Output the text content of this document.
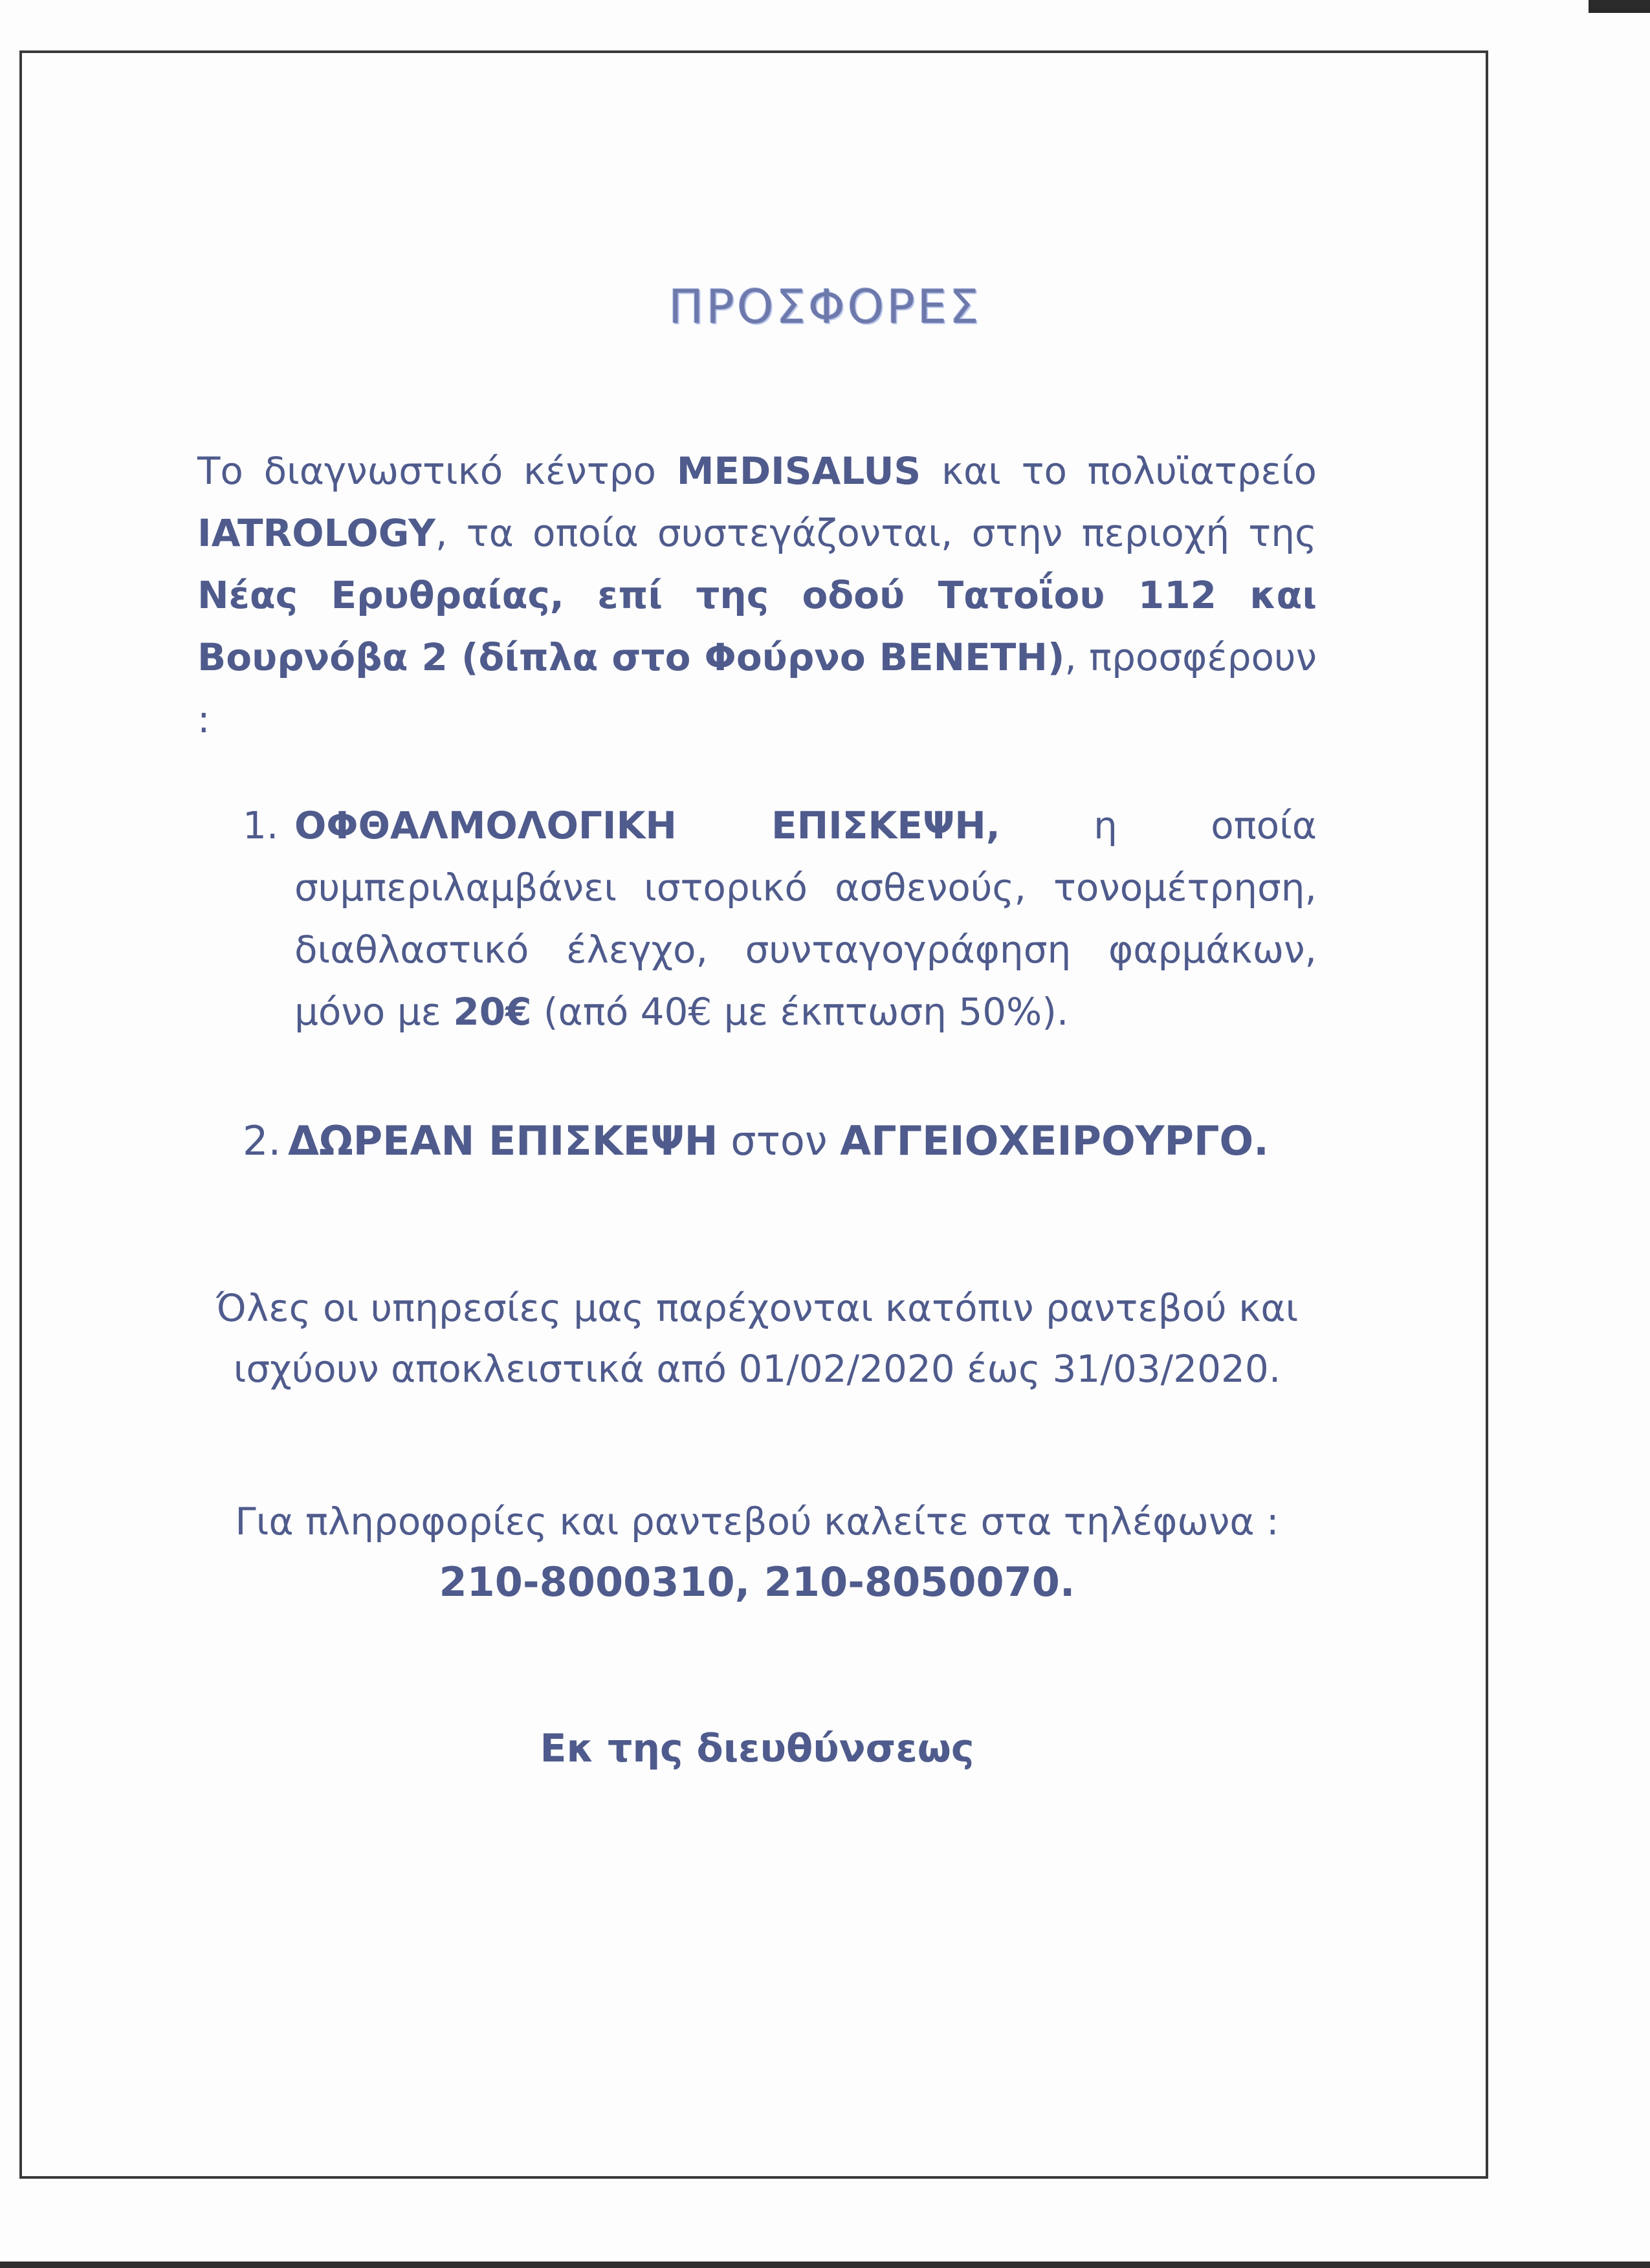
ΠΡΟΣΦΟΡΕΣ

Το διαγνωστικό κέντρο MEDISALUS και το πολυϊατρείο IATROLOGY, τα οποία συστεγάζονται, στην περιοχή της Νέας Ερυθραίας, επί της οδού Τατοΐου 112 και Βουρνόβα 2 (δίπλα στο Φούρνο ΒΕΝΕΤΗ), προσφέρουν :

1. ΟΦΘΑΛΜΟΛΟΓΙΚΗ ΕΠΙΣΚΕΨΗ, η οποία συμπεριλαμβάνει ιστορικό ασθενούς, τονομέτρηση, διαθλαστικό έλεγχο, συνταγογράφηση φαρμάκων, μόνο με 20€ (από 40€ με έκπτωση 50%).
2. ΔΩΡΕΑΝ ΕΠΙΣΚΕΨΗ στον ΑΓΓΕΙΟΧΕΙΡΟΥΡΓΟ.

Όλες οι υπηρεσίες μας παρέχονται κατόπιν ραντεβού και ισχύουν αποκλειστικά από 01/02/2020 έως 31/03/2020.

Για πληροφορίες και ραντεβού καλείτε στα τηλέφωνα :

210-8000310, 210-8050070.

Εκ της διευθύνσεως
